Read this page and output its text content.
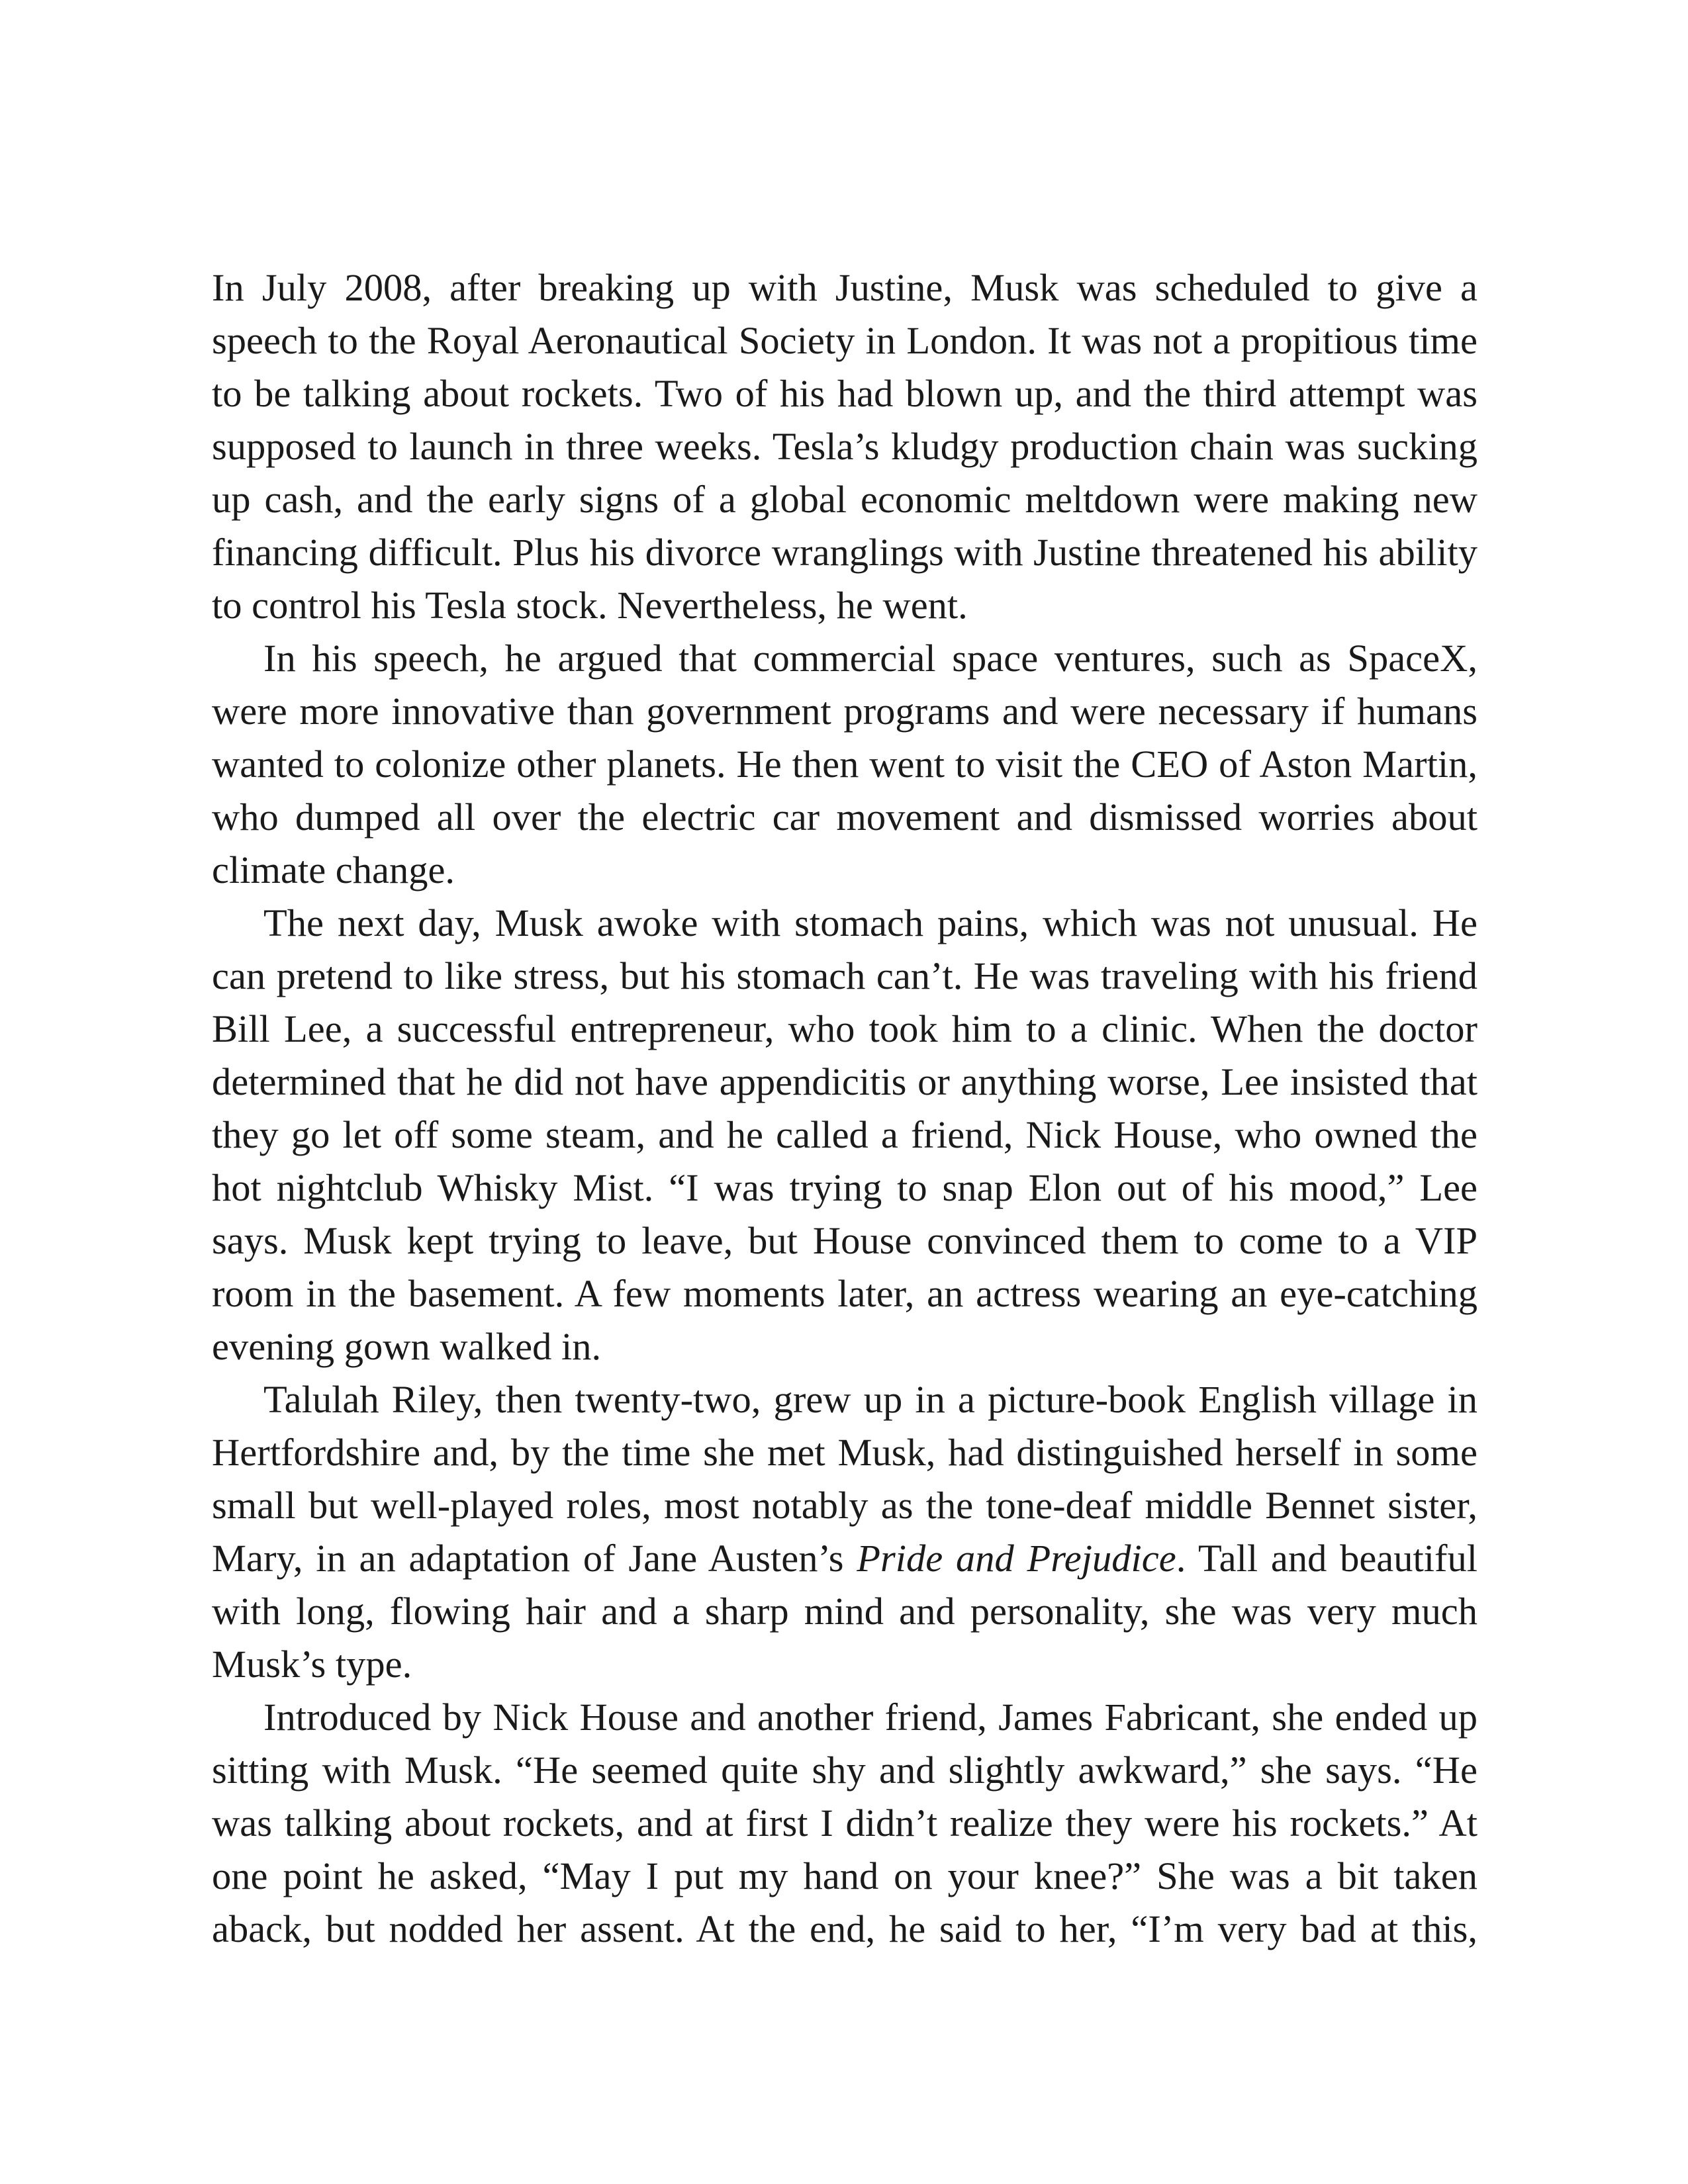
In July 2008, after breaking up with Justine, Musk was scheduled to give a speech to the Royal Aeronautical Society in London. It was not a propitious time to be talking about rockets. Two of his had blown up, and the third attempt was supposed to launch in three weeks. Tesla’s kludgy production chain was sucking up cash, and the early signs of a global economic meltdown were making new financing difficult. Plus his divorce wranglings with Justine threatened his ability to control his Tesla stock. Nevertheless, he went.

In his speech, he argued that commercial space ventures, such as SpaceX, were more innovative than government programs and were necessary if humans wanted to colonize other planets. He then went to visit the CEO of Aston Martin, who dumped all over the electric car movement and dismissed worries about climate change.

The next day, Musk awoke with stomach pains, which was not unusual. He can pretend to like stress, but his stomach can’t. He was traveling with his friend Bill Lee, a successful entrepreneur, who took him to a clinic. When the doctor determined that he did not have appendicitis or anything worse, Lee insisted that they go let off some steam, and he called a friend, Nick House, who owned the hot nightclub Whisky Mist. “I was trying to snap Elon out of his mood,” Lee says. Musk kept trying to leave, but House convinced them to come to a VIP room in the basement. A few moments later, an actress wearing an eye-catching evening gown walked in.

Talulah Riley, then twenty-two, grew up in a picture-book English village in Hertfordshire and, by the time she met Musk, had distinguished herself in some small but well-played roles, most notably as the tone-deaf middle Bennet sister, Mary, in an adaptation of Jane Austen’s Pride and Prejudice. Tall and beautiful with long, flowing hair and a sharp mind and personality, she was very much Musk’s type.

Introduced by Nick House and another friend, James Fabricant, she ended up sitting with Musk. “He seemed quite shy and slightly awkward,” she says. “He was talking about rockets, and at first I didn’t realize they were his rockets.” At one point he asked, “May I put my hand on your knee?” She was a bit taken aback, but nodded her assent. At the end, he said to her, “I’m very bad at this,
